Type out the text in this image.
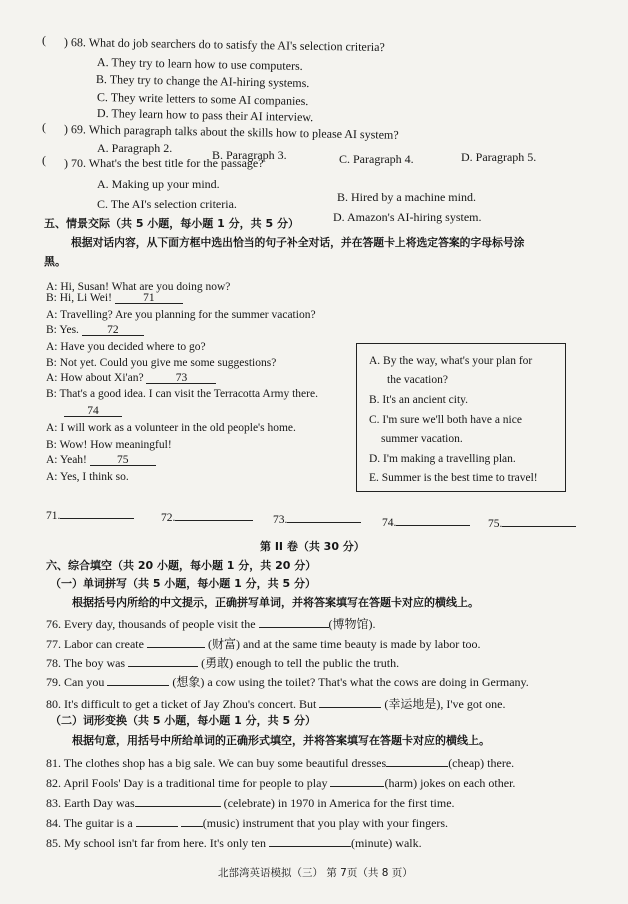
( ) 68. What do job searchers do to satisfy the AI's selection criteria?
A. They try to learn how to use computers.
B. They try to change the AI-hiring systems.
C. They write letters to some AI companies.
D. They learn how to pass their AI interview.
( ) 69. Which paragraph talks about the skills how to please AI system?
A. Paragraph 2.	B. Paragraph 3.	C. Paragraph 4.	D. Paragraph 5.
( ) 70. What's the best title for the passage?
A. Making up your mind.
B. Hired by a machine mind.
C. The AI's selection criteria.
D. Amazon's AI-hiring system.
五、情景交际（共 5 小题，每小题 1 分，共 5 分）
根据对话内容，从下面方框中选出恰当的句子补全对话，并在答题卡上将选定答案的字母标号涂
黑。
A: Hi, Susan! What are you doing now?
B: Hi, Li Wei!	71
A: Travelling? Are you planning for the summer vacation?
B: Yes. 72
A: Have you decided where to go?
B: Not yet. Could you give me some suggestions?
A: How about Xi'an?	73
B: That's a good idea. I can visit the Terracotta Army there.
74
A: I will work as a volunteer in the old people's home.
B: Wow! How meaningful!
A: Yeah!	75
A: Yes, I think so.
A. By the way, what's your plan for
the vacation?
B. It's an ancient city.
C. I'm sure we'll both have a nice
summer vacation.
D. I'm making a travelling plan.
E. Summer is the best time to travel!
71.	72.	73.	74.	75.
第 II 卷（共 30 分）
六、综合填空（共 20 小题，每小题 1 分，共 20 分）
（一）单词拼写（共 5 小题，每小题 1 分，共 5 分）
根据括号内所给的中文提示，正确拼写单词，并将答案填写在答题卡对应的横线上。
76. Every day, thousands of people visit the	(博物馆).
77. Labor can create	(财富) and at the same time beauty is made by labor too.
78. The boy was	(勇敢) enough to tell the public the truth.
79. Can you	(想象) a cow using the toilet? That's what the cows are doing in Germany.
80. It's difficult to get a ticket of Jay Zhou's concert. But	(幸运地是), I've got one.
（二）词形变换（共 5 小题，每小题 1 分，共 5 分）
根据句意，用括号中所给单词的正确形式填空，并将答案填写在答题卡对应的横线上。
81. The clothes shop has a big sale. We can buy some beautiful dresses	(cheap) there.
82. April Fools' Day is a traditional time for people to play	(harm) jokes on each other.
83. Earth Day was	(celebrate) in 1970 in America for the first time.
84. The guitar is a	(music) instrument that you play with your fingers.
85. My school isn't far from here. It's only ten	(minute) walk.
北部湾英语模拟（三） 第 7页（共 8 页）
